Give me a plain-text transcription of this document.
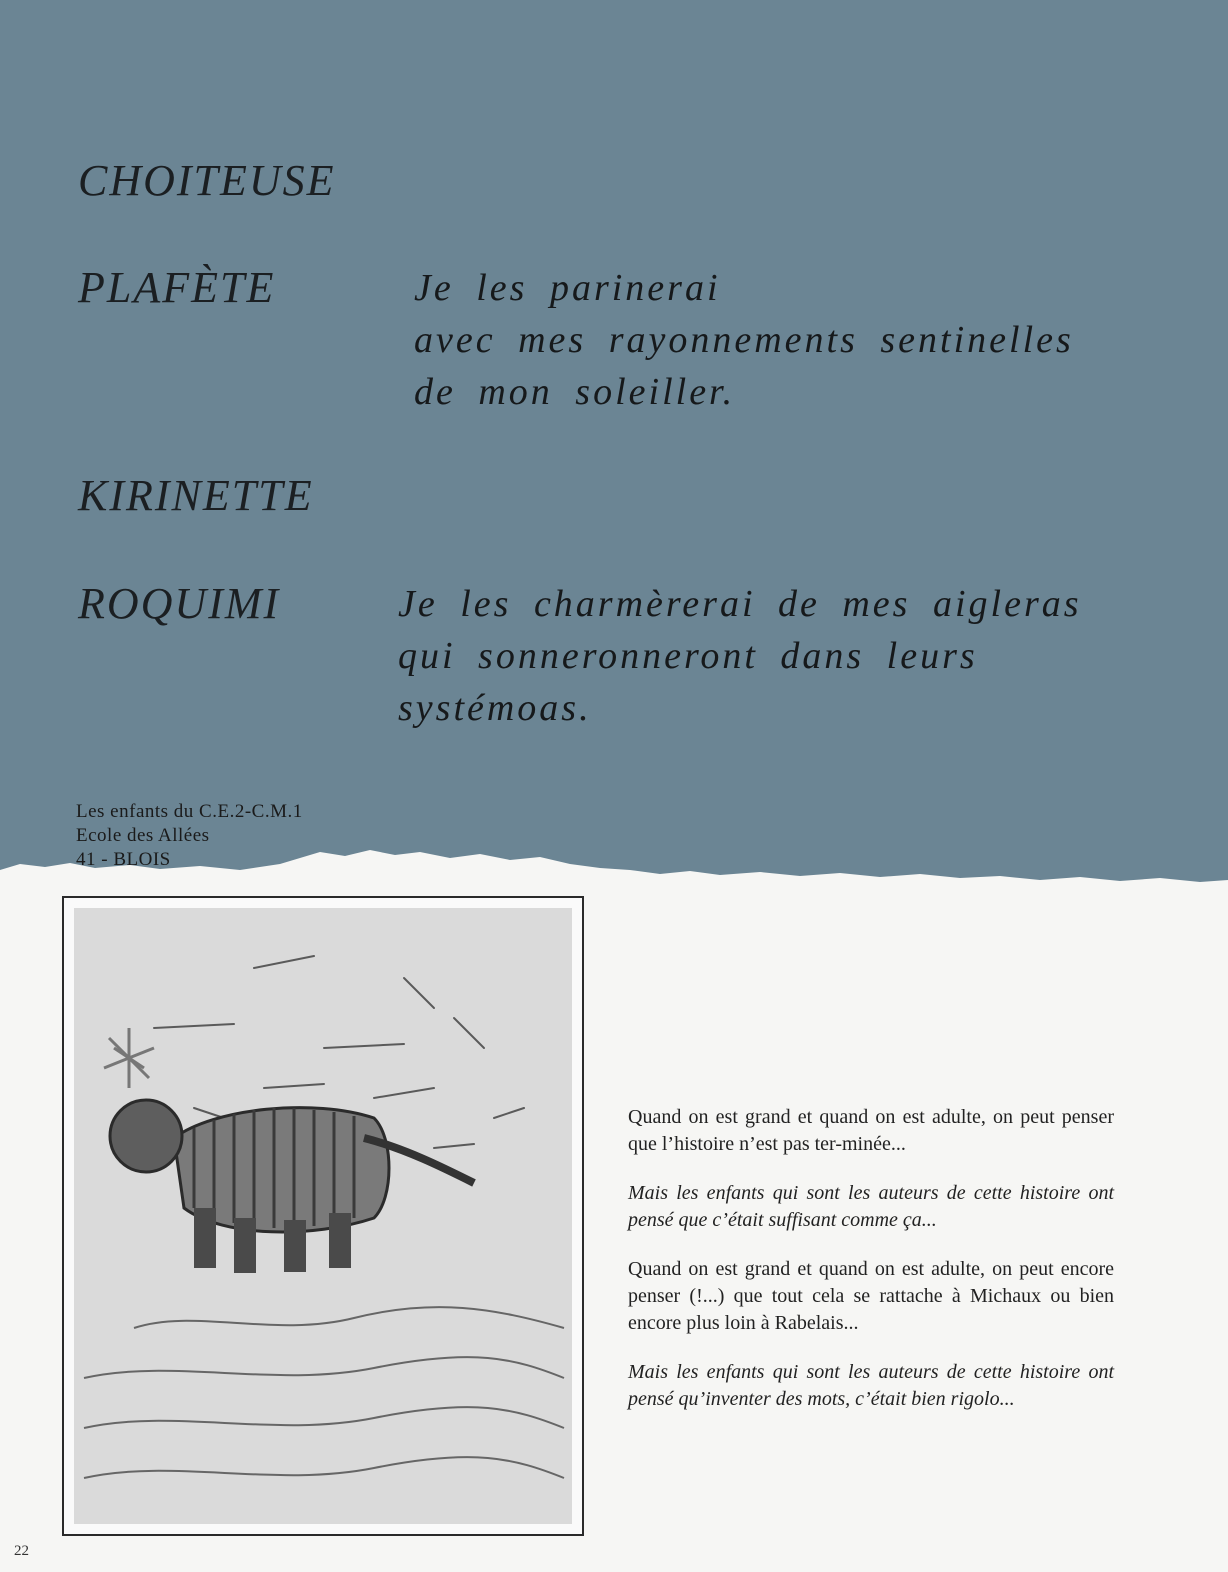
CHOITEUSE
PLAFÈTE	Je les parinerai
avec mes rayonnements sentinelles
de mon soleiller.
KIRINETTE
ROQUIMI	Je les charmèrerai de mes aigleras
qui sonneronneront dans leurs
systémoas.
Les enfants du C.E.2-C.M.1
Ecole des Allées
41 - BLOIS

Quand on est grand et quand on est adulte, on peut penser que l’histoire n’est pas ter-minée...

Mais les enfants qui sont les auteurs de cette histoire ont pensé que c’était suffisant comme ça...

Quand on est grand et quand on est adulte, on peut encore penser (!...) que tout cela se rattache à Michaux ou bien encore plus loin à Rabelais...

Mais les enfants qui sont les auteurs de cette histoire ont pensé qu’inventer des mots, c’était bien rigolo...

22
